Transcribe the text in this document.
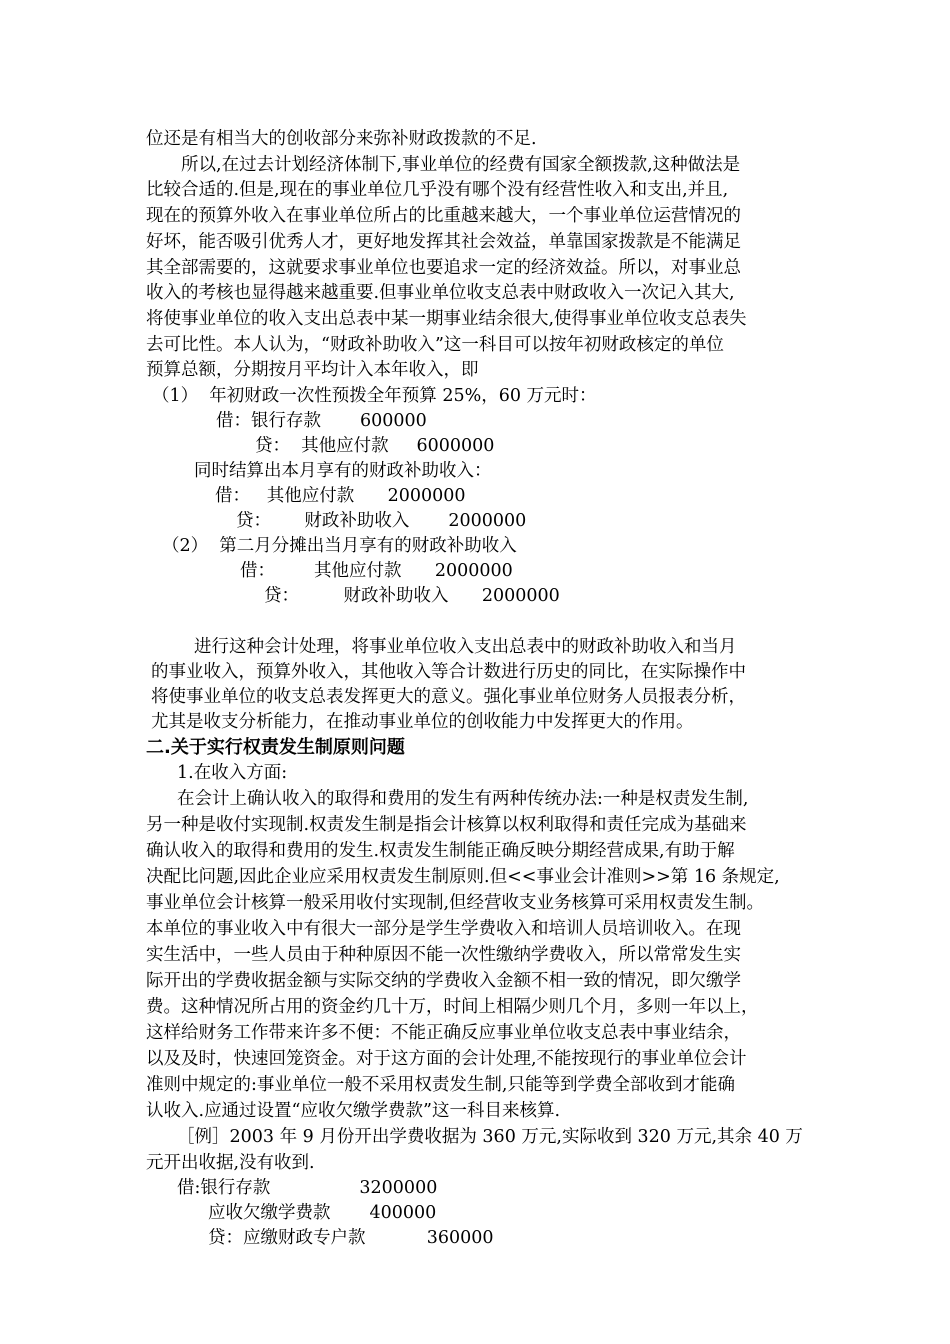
位还是有相当大的创收部分来弥补财政拨款的不足.
所以,在过去计划经济体制下,事业单位的经费有国家全额拨款,这种做法是
比较合适的.但是,现在的事业单位几乎没有哪个没有经营性收入和支出,并且,
现在的预算外收入在事业单位所占的比重越来越大，一个事业单位运营情况的
好坏，能否吸引优秀人才，更好地发挥其社会效益，单靠国家拨款是不能满足
其全部需要的，这就要求事业单位也要追求一定的经济效益。所以，对事业总
收入的考核也显得越来越重要.但事业单位收支总表中财政收入一次记入其大,
将使事业单位的收入支出总表中某一期事业结余很大,使得事业单位收支总表失
去可比性。本人认为，“财政补助收入”这一科目可以按年初财政核定的单位
预算总额，分期按月平均计入本年收入，即
（1）  年初财政一次性预拨全年预算 25%，60 万元时：
借：银行存款       600000
贷：  其他应付款     6000000
同时结算出本月享有的财政补助收入：
借：   其他应付款      2000000
贷：      财政补助收入       2000000
（2）  第二月分摊出当月享有的财政补助收入
借：       其他应付款      2000000
贷：        财政补助收入      2000000
进行这种会计处理，将事业单位收入支出总表中的财政补助收入和当月
的事业收入，预算外收入，其他收入等合计数进行历史的同比，在实际操作中
将使事业单位的收支总表发挥更大的意义。强化事业单位财务人员报表分析，
尤其是收支分析能力，在推动事业单位的创收能力中发挥更大的作用。
二.关于实行权责发生制原则问题
1.在收入方面:
在会计上确认收入的取得和费用的发生有两种传统办法:一种是权责发生制,
另一种是收付实现制.权责发生制是指会计核算以权利取得和责任完成为基础来
确认收入的取得和费用的发生.权责发生制能正确反映分期经营成果,有助于解
决配比问题,因此企业应采用权责发生制原则.但<<事业会计准则>>第 16 条规定,
事业单位会计核算一般采用收付实现制,但经营收支业务核算可采用权责发生制。
本单位的事业收入中有很大一部分是学生学费收入和培训人员培训收入。在现
实生活中，一些人员由于种种原因不能一次性缴纳学费收入，所以常常发生实
际开出的学费收据金额与实际交纳的学费收入金额不相一致的情况，即欠缴学
费。这种情况所占用的资金约几十万，时间上相隔少则几个月，多则一年以上，
这样给财务工作带来许多不便：不能正确反应事业单位收支总表中事业结余，
以及及时，快速回笼资金。对于这方面的会计处理,不能按现行的事业单位会计
准则中规定的:事业单位一般不采用权责发生制,只能等到学费全部收到才能确
认收入.应通过设置“应收欠缴学费款”这一科目来核算.
［例］2003 年 9 月份开出学费收据为 360 万元,实际收到 320 万元,其余 40 万
元开出收据,没有收到.
借:银行存款                3200000
应收欠缴学费款       400000
贷：应缴财政专户款           360000
